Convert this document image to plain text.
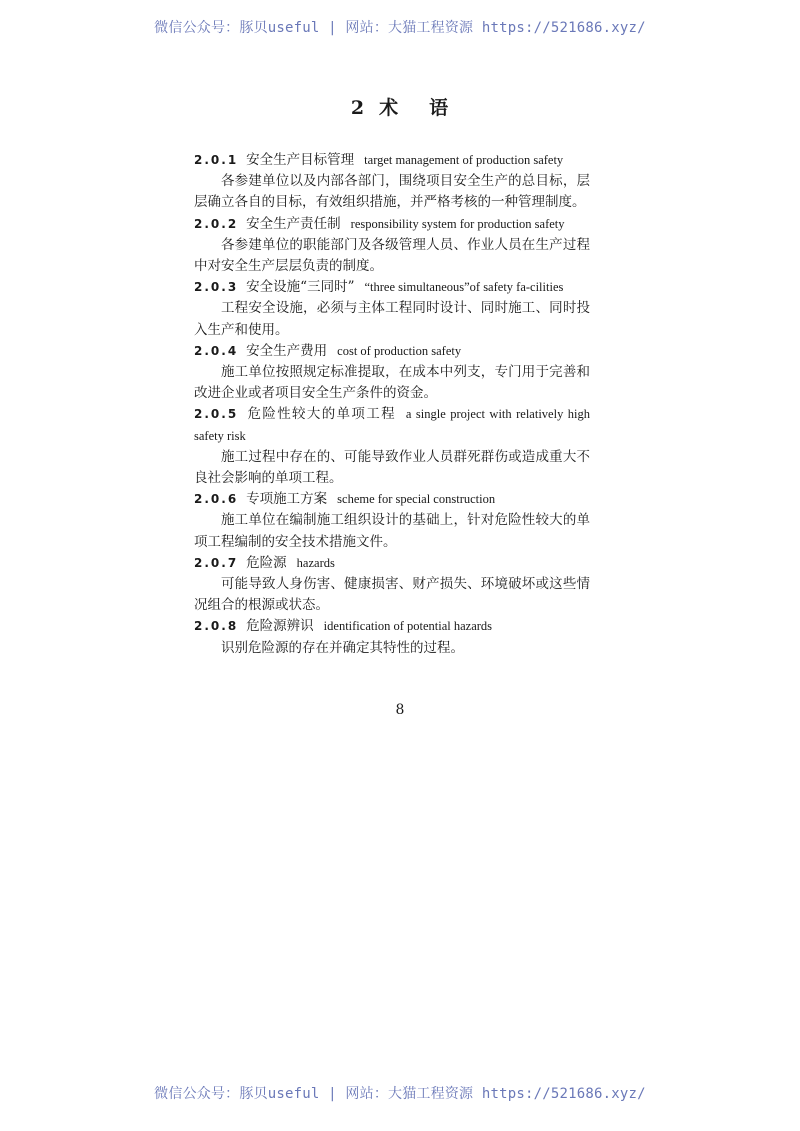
微信公众号：豚贝useful | 网站：大猫工程资源 https://521686.xyz/
2 术 语
2.0.1 安全生产目标管理 target management of production safety
各参建单位以及内部各部门，围绕项目安全生产的总目标，层层确立各自的目标，有效组织措施，并严格考核的一种管理制度。
2.0.2 安全生产责任制 responsibility system for production safety
各参建单位的职能部门及各级管理人员、作业人员在生产过程中对安全生产层层负责的制度。
2.0.3 安全设施“三同时” “three simultaneous”of safety fa-cilities
工程安全设施，必须与主体工程同时设计、同时施工、同时投入生产和使用。
2.0.4 安全生产费用 cost of production safety
施工单位按照规定标准提取，在成本中列支，专门用于完善和改进企业或者项目安全生产条件的资金。
2.0.5 危险性较大的单项工程 a single project with relatively high safety risk
施工过程中存在的、可能导致作业人员群死群伤或造成重大不良社会影响的单项工程。
2.0.6 专项施工方案 scheme for special construction
施工单位在编制施工组织设计的基础上，针对危险性较大的单项工程编制的安全技术措施文件。
2.0.7 危险源 hazards
可能导致人身伤害、健康损害、财产损失、环境破坏或这些情况组合的根源或状态。
2.0.8 危险源辨识 identification of potential hazards
识别危险源的存在并确定其特性的过程。
8
微信公众号：豚贝useful | 网站：大猫工程资源 https://521686.xyz/
